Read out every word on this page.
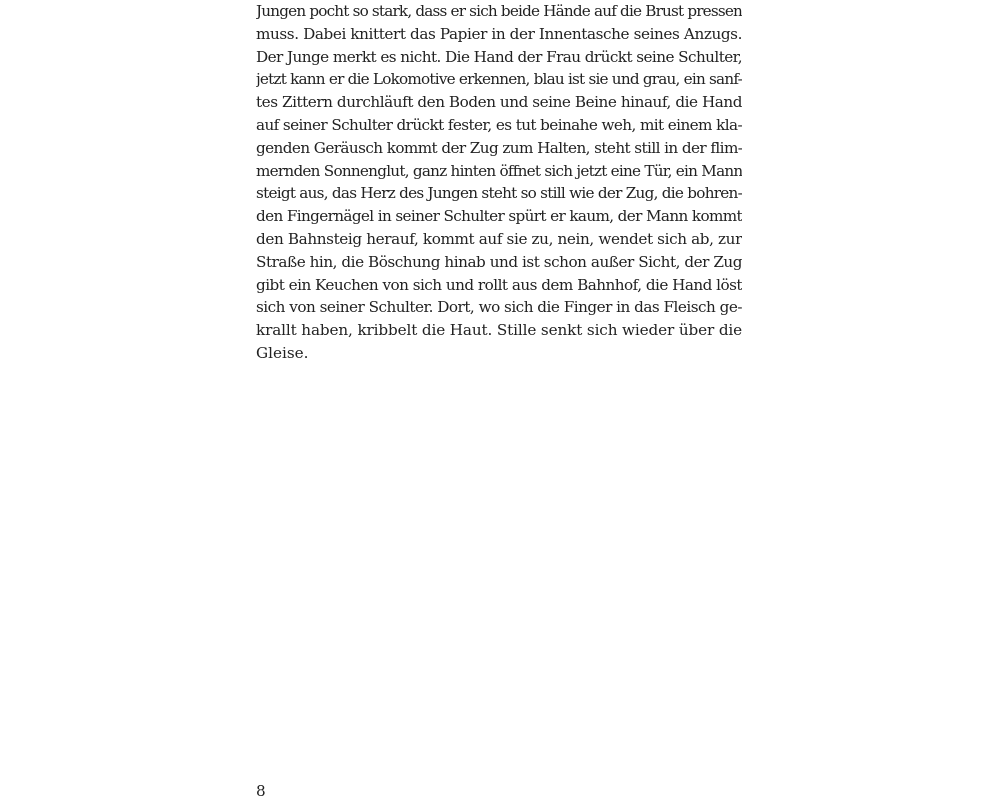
Jungen pocht so stark, dass er sich beide Hände auf die Brust pressen
muss. Dabei knittert das Papier in der Innentasche seines Anzugs.
Der Junge merkt es nicht. Die Hand der Frau drückt seine Schulter,
jetzt kann er die Lokomotive erkennen, blau ist sie und grau, ein sanf-
tes Zittern durchläuft den Boden und seine Beine hinauf, die Hand
auf seiner Schulter drückt fester, es tut beinahe weh, mit einem kla-
genden Geräusch kommt der Zug zum Halten, steht still in der flim-
mernden Sonnenglut, ganz hinten öffnet sich jetzt eine Tür, ein Mann
steigt aus, das Herz des Jungen steht so still wie der Zug, die bohren-
den Fingernägel in seiner Schulter spürt er kaum, der Mann kommt
den Bahnsteig herauf, kommt auf sie zu, nein, wendet sich ab, zur
Straße hin, die Böschung hinab und ist schon außer Sicht, der Zug
gibt ein Keuchen von sich und rollt aus dem Bahnhof, die Hand löst
sich von seiner Schulter. Dort, wo sich die Finger in das Fleisch ge-
krallt haben, kribbelt die Haut. Stille senkt sich wieder über die
Gleise.
8
